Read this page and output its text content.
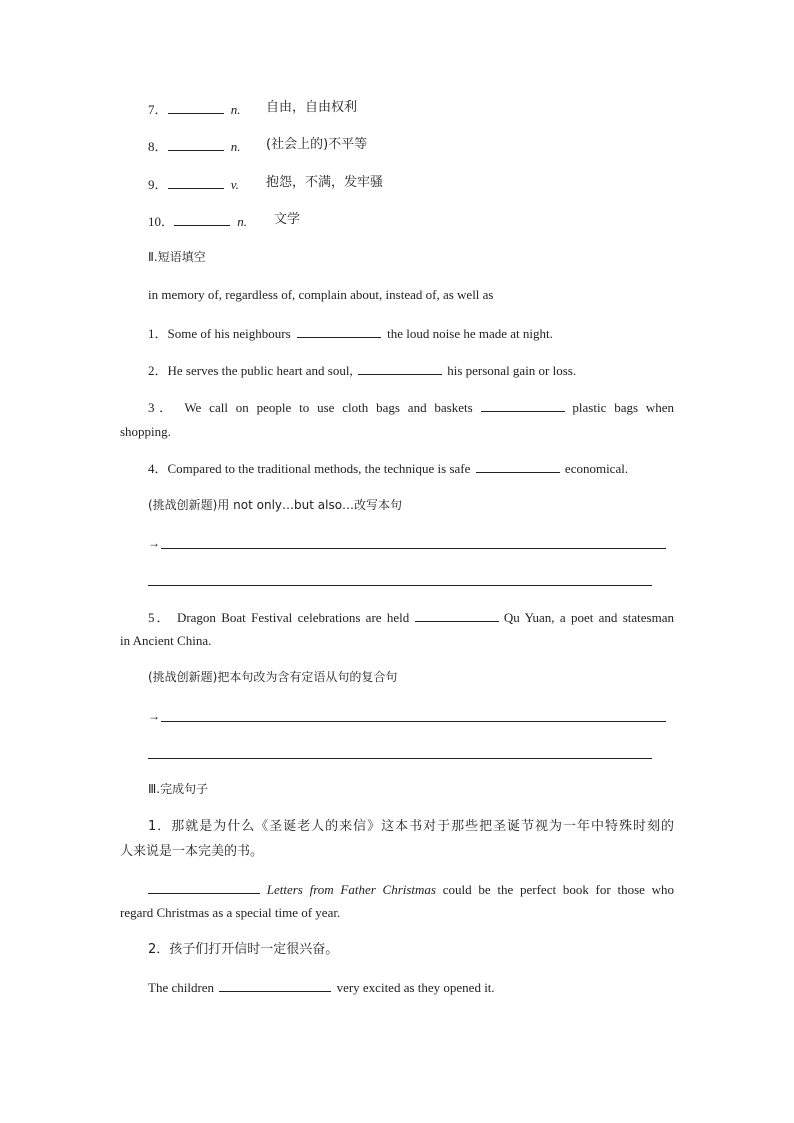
7．	n. 自由，自由权利
8．	n. (社会上的)不平等
9．	v. 抱怨，不满，发牢骚
10．	n. 文学
Ⅱ.短语填空
in memory of, regardless of, complain about, instead of, as well as
1．Some of his neighbours	the loud noise he made at night.
2．He serves the public heart and soul,	his personal gain or loss.
3． We call on people to use cloth bags and baskets	plastic bags when
shopping.
4．Compared to the traditional methods, the technique is safe	economical.
(挑战创新题)用 not only…but also…改写本句
→
5． Dragon Boat Festival celebrations are held	Qu Yuan, a poet and statesman
in Ancient China.
(挑战创新题)把本句改为含有定语从句的复合句
→
Ⅲ.完成句子
1．那就是为什么《圣诞老人的来信》这本书对于那些把圣诞节视为一年中特殊时刻的
人来说是一本完美的书。
Letters from Father Christmas could be the perfect book for those who
regard Christmas as a special time of year.
2．孩子们打开信时一定很兴奋。
The children	very excited as they opened it.
